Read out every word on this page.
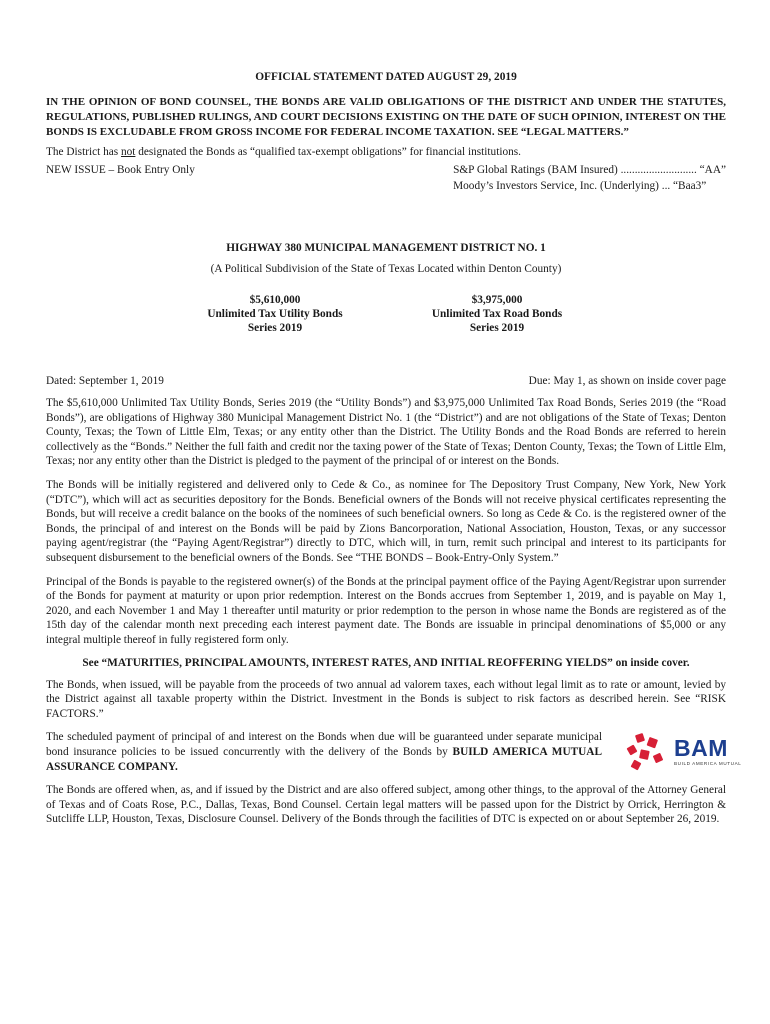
OFFICIAL STATEMENT DATED AUGUST 29, 2019

IN THE OPINION OF BOND COUNSEL, THE BONDS ARE VALID OBLIGATIONS OF THE DISTRICT AND UNDER THE STATUTES, REGULATIONS, PUBLISHED RULINGS, AND COURT DECISIONS EXISTING ON THE DATE OF SUCH OPINION, INTEREST ON THE BONDS IS EXCLUDABLE FROM GROSS INCOME FOR FEDERAL INCOME TAXATION. SEE “LEGAL MATTERS.”

The District has not designated the Bonds as “qualified tax-exempt obligations” for financial institutions.

NEW ISSUE – Book Entry Only	S&P Global Ratings (BAM Insured) ........................... “AA”
Moody’s Investors Service, Inc. (Underlying) ... “Baa3”

HIGHWAY 380 MUNICIPAL MANAGEMENT DISTRICT NO. 1

(A Political Subdivision of the State of Texas Located within Denton County)

$5,610,000
Unlimited Tax Utility Bonds
Series 2019
$3,975,000
Unlimited Tax Road Bonds
Series 2019
Dated: September 1, 2019	Due: May 1, as shown on inside cover page

The $5,610,000 Unlimited Tax Utility Bonds, Series 2019 (the “Utility Bonds”) and $3,975,000 Unlimited Tax Road Bonds, Series 2019 (the “Road Bonds”), are obligations of Highway 380 Municipal Management District No. 1 (the “District”) and are not obligations of the State of Texas; Denton County, Texas; the Town of Little Elm, Texas; or any entity other than the District. The Utility Bonds and the Road Bonds are referred to herein collectively as the “Bonds.” Neither the full faith and credit nor the taxing power of the State of Texas; Denton County, Texas; the Town of Little Elm, Texas; nor any entity other than the District is pledged to the payment of the principal of or interest on the Bonds.

The Bonds will be initially registered and delivered only to Cede & Co., as nominee for The Depository Trust Company, New York, New York (“DTC”), which will act as securities depository for the Bonds. Beneficial owners of the Bonds will not receive physical certificates representing the Bonds, but will receive a credit balance on the books of the nominees of such beneficial owners. So long as Cede & Co. is the registered owner of the Bonds, the principal of and interest on the Bonds will be paid by Zions Bancorporation, National Association, Houston, Texas, or any successor paying agent/registrar (the “Paying Agent/Registrar”) directly to DTC, which will, in turn, remit such principal and interest to its participants for subsequent disbursement to the beneficial owners of the Bonds. See “THE BONDS – Book-Entry-Only System.”

Principal of the Bonds is payable to the registered owner(s) of the Bonds at the principal payment office of the Paying Agent/Registrar upon surrender of the Bonds for payment at maturity or upon prior redemption. Interest on the Bonds accrues from September 1, 2019, and is payable on May 1, 2020, and each November 1 and May 1 thereafter until maturity or prior redemption to the person in whose name the Bonds are registered as of the 15th day of the calendar month next preceding each interest payment date. The Bonds are issuable in principal denominations of $5,000 or any integral multiple thereof in fully registered form only.

See “MATURITIES, PRINCIPAL AMOUNTS, INTEREST RATES, AND INITIAL REOFFERING YIELDS” on inside cover.

The Bonds, when issued, will be payable from the proceeds of two annual ad valorem taxes, each without legal limit as to rate or amount, levied by the District against all taxable property within the District. Investment in the Bonds is subject to risk factors as described herein. See “RISK FACTORS.”

The scheduled payment of principal of and interest on the Bonds when due will be guaranteed under separate municipal bond insurance policies to be issued concurrently with the delivery of the Bonds by BUILD AMERICA MUTUAL ASSURANCE COMPANY.

BAM
BUILD AMERICA MUTUAL

The Bonds are offered when, as, and if issued by the District and are also offered subject, among other things, to the approval of the Attorney General of Texas and of Coats Rose, P.C., Dallas, Texas, Bond Counsel. Certain legal matters will be passed upon for the District by Orrick, Herrington & Sutcliffe LLP, Houston, Texas, Disclosure Counsel. Delivery of the Bonds through the facilities of DTC is expected on or about September 26, 2019.
